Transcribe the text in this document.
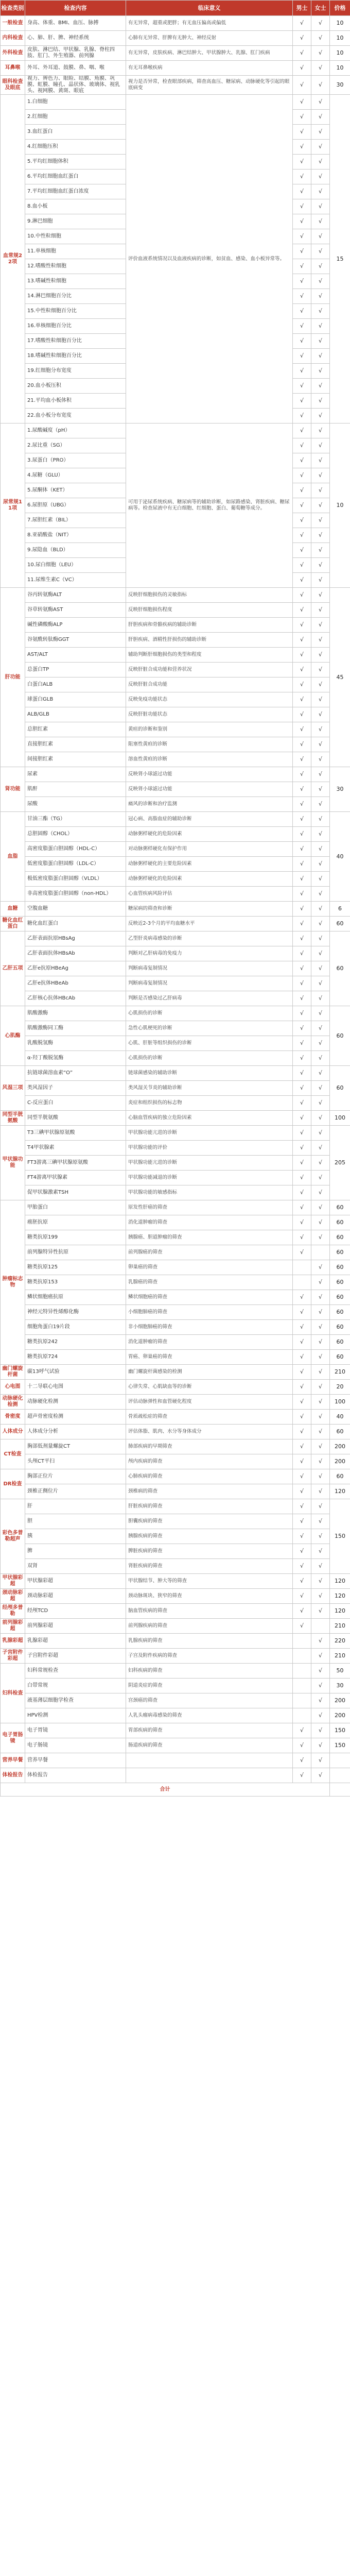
检查类别	检查内容	临床意义	男士	女士	价格
一般检查	身高、体重、BMI、血压、脉搏	有无异常，超重或肥胖；有无血压偏高或偏低	√	√	10
内科检查	心、肺、肝、脾、神经系统	心肺有无异常、肝脾有无肿大、神经反射	√	√	10
外科检查	皮肤、淋巴结、甲状腺、乳腺、脊柱四肢、肛门、外生殖器、前列腺	有无异常，皮肤疾病、淋巴结肿大、甲状腺肿大、乳腺、肛门疾病	√	√	10
耳鼻喉	外耳、外耳道、鼓膜、鼻、咽、喉	有无耳鼻喉疾病	√	√	10
眼科检查及眼底	视力、辨色力、眼睑、结膜、角膜、巩膜、虹膜、瞳孔、晶状体、玻璃体、视乳头、视网膜、黄斑、眼底	视力是否异常，检查眼部疾病，筛查高血压、糖尿病、动脉硬化等引起的眼底病变	√	√	30
血常规22项	1.白细胞	评价血液系统情况以及血液疾病的诊断，如贫血、感染、血小板异常等。	√	√	15
	2.红细胞		√	√	
	3.血红蛋白		√	√	
	4.红细胞压积		√	√	
	5.平均红细胞体积		√	√	
	6.平均红细胞血红蛋白		√	√	
	7.平均红细胞血红蛋白浓度		√	√	
	8.血小板		√	√	
	9.淋巴细胞		√	√	
	10.中性粒细胞		√	√	
	11.单核细胞		√	√	
	12.嗜酸性粒细胞		√	√	
	13.嗜碱性粒细胞		√	√	
	14.淋巴细胞百分比		√	√	
	15.中性粒细胞百分比		√	√	
	16.单核细胞百分比		√	√	
	17.嗜酸性粒细胞百分比		√	√	
	18.嗜碱性粒细胞百分比		√	√	
	19.红细胞分布宽度		√	√	
	20.血小板压积		√	√	
	21.平均血小板体积		√	√	
	22.血小板分布宽度		√	√	
尿常规11项	1.尿酸碱度（pH）	可用于泌尿系统疾病、糖尿病等的辅助诊断，如尿路感染、肾脏疾病、糖尿病等。检查尿液中有无白细胞、红细胞、蛋白、葡萄糖等成分。	√	√	10
	2.尿比重（SG）		√	√	
	3.尿蛋白（PRO）		√	√	
	4.尿糖（GLU）		√	√	
	5.尿酮体（KET）		√	√	
	6.尿胆原（UBG）		√	√	
	7.尿胆红素（BIL）		√	√	
	8.亚硝酸盐（NIT）		√	√	
	9.尿隐血（BLD）		√	√	
	10.尿白细胞（LEU）		√	√	
	11.尿维生素C（VC）		√	√	
肝功能	谷丙转氨酶ALT	反映肝细胞损伤的灵敏指标	√	√	45
	谷草转氨酶AST	反映肝细胞损伤程度	√	√	
	碱性磷酸酶ALP	肝胆疾病和骨骼疾病的辅助诊断	√	√	
	谷氨酰转肽酶GGT	肝胆疾病、酒精性肝损伤的辅助诊断	√	√	
	AST/ALT	辅助判断肝细胞损伤的类型和程度	√	√	
	总蛋白TP	反映肝脏合成功能和营养状况	√	√	
	白蛋白ALB	反映肝脏合成功能	√	√	
	球蛋白GLB	反映免疫功能状态	√	√	
	ALB/GLB	反映肝脏功能状态	√	√	
	总胆红素	黄疸的诊断和鉴别	√	√	
	直接胆红素	阻塞性黄疸的诊断	√	√	
	间接胆红素	溶血性黄疸的诊断	√	√	
肾功能	尿素	反映肾小球滤过功能	√	√	30
	肌酐	反映肾小球滤过功能	√	√	
	尿酸	痛风的诊断和治疗监测	√	√	
血脂	甘油三酯（TG）	冠心病、高脂血症的辅助诊断	√	√	40
	总胆固醇（CHOL）	动脉粥样硬化的危险因素	√	√	
	高密度脂蛋白胆固醇（HDL-C）	对动脉粥样硬化有保护作用	√	√	
	低密度脂蛋白胆固醇（LDL-C）	动脉粥样硬化的主要危险因素	√	√	
	极低密度脂蛋白胆固醇（VLDL）	动脉粥样硬化的危险因素	√	√	
	非高密度脂蛋白胆固醇（non-HDL）	心血管疾病风险评估	√	√	
血糖	空腹血糖	糖尿病的筛查和诊断	√	√	6
糖化血红蛋白	糖化血红蛋白	反映近2-3个月的平均血糖水平	√	√	60
乙肝五项	乙肝表面抗原HBsAg	乙型肝炎病毒感染的诊断	√	√	60
	乙肝表面抗体HBsAb	判断对乙肝病毒的免疫力	√	√	
	乙肝e抗原HBeAg	判断病毒复制情况	√	√	
	乙肝e抗体HBeAb	判断病毒复制情况	√	√	
	乙肝核心抗体HBcAb	判断是否感染过乙肝病毒	√	√	
心肌酶	肌酸激酶	心肌损伤的诊断	√	√	60
	肌酸激酶同工酶	急性心肌梗死的诊断	√	√	
	乳酸脱氢酶	心肌、肝脏等组织损伤的诊断	√	√	
	α-羟丁酸脱氢酶	心肌损伤的诊断	√	√	
风湿三项	抗链球菌溶血素“O”	链球菌感染的辅助诊断	√	√	60
	类风湿因子	类风湿关节炎的辅助诊断	√	√	
	C-反应蛋白	炎症和组织损伤的标志物	√	√	
同型半胱氨酸	同型半胱氨酸	心脑血管疾病的独立危险因素	√	√	100
甲状腺功能	T3三碘甲状腺原氨酸	甲状腺功能亢进的诊断	√	√	205
	T4甲状腺素	甲状腺功能的评价	√	√	
	FT3游离三碘甲状腺原氨酸	甲状腺功能亢进的诊断	√	√	
	FT4游离甲状腺素	甲状腺功能减退的诊断	√	√	
	促甲状腺激素TSH	甲状腺功能的敏感指标	√	√	
肿瘤标志物	甲胎蛋白	原发性肝癌的筛查	√	√	60
	癌胚抗原	消化道肿瘤的筛查	√	√	60
	糖类抗原199	胰腺癌、胆道肿瘤的筛查	√	√	60
	前列腺特异性抗原	前列腺癌的筛查	√		60
	糖类抗原125	卵巢癌的筛查		√	60
	糖类抗原153	乳腺癌的筛查		√	60
	鳞状细胞癌抗原	鳞状细胞癌的筛查	√	√	60
	神经元特异性烯醇化酶	小细胞肺癌的筛查	√	√	60
	细胞角蛋白19片段	非小细胞肺癌的筛查	√	√	60
	糖类抗原242	消化道肿瘤的筛查	√	√	60
	糖类抗原724	胃癌、卵巢癌的筛查	√	√	60
幽门螺旋杆菌	碳13呼气试验	幽门螺旋杆菌感染的检测	√	√	210
心电图	十二导联心电图	心律失常、心肌缺血等的诊断	√	√	20
动脉硬化检测	动脉硬化检测	评估动脉弹性和血管硬化程度	√	√	100
骨密度	超声骨密度检测	骨质疏松症的筛查	√	√	40
人体成分	人体成分分析	评估体脂、肌肉、水分等身体成分	√	√	60
CT检查	胸部低剂量螺旋CT	肺部疾病的早期筛查	√	√	200
	头颅CT平扫	颅内疾病的筛查	√	√	200
DR检查	胸部正位片	心肺疾病的筛查	√	√	60
	颈椎正侧位片	颈椎病的筛查	√	√	120
彩色多普勒超声	肝	肝脏疾病的筛查	√	√	150
	胆	胆囊疾病的筛查	√	√	
	胰	胰腺疾病的筛查	√	√	
	脾	脾脏疾病的筛查	√	√	
	双肾	肾脏疾病的筛查	√	√	
甲状腺彩超	甲状腺彩超	甲状腺结节、肿大等的筛查	√	√	120
颈动脉彩超	颈动脉彩超	颈动脉斑块、狭窄的筛查	√	√	120
经颅多普勒	经颅TCD	脑血管疾病的筛查	√	√	120
前列腺彩超	前列腺彩超	前列腺疾病的筛查	√		210
乳腺彩超	乳腺彩超	乳腺疾病的筛查		√	220
子宫附件彩超	子宫附件彩超	子宫及附件疾病的筛查		√	210
妇科检查	妇科常规检查	妇科疾病的筛查		√	50
	白带常规	阴道炎症的筛查		√	30
	液基薄层细胞学检查	宫颈癌的筛查		√	200
	HPV检测	人乳头瘤病毒感染的筛查		√	200
电子胃肠镜	电子胃镜	胃部疾病的筛查	√	√	150
	电子肠镜	肠道疾病的筛查	√	√	150
营养早餐	营养早餐		√	√	
体检报告	体检报告		√	√	
合计					
